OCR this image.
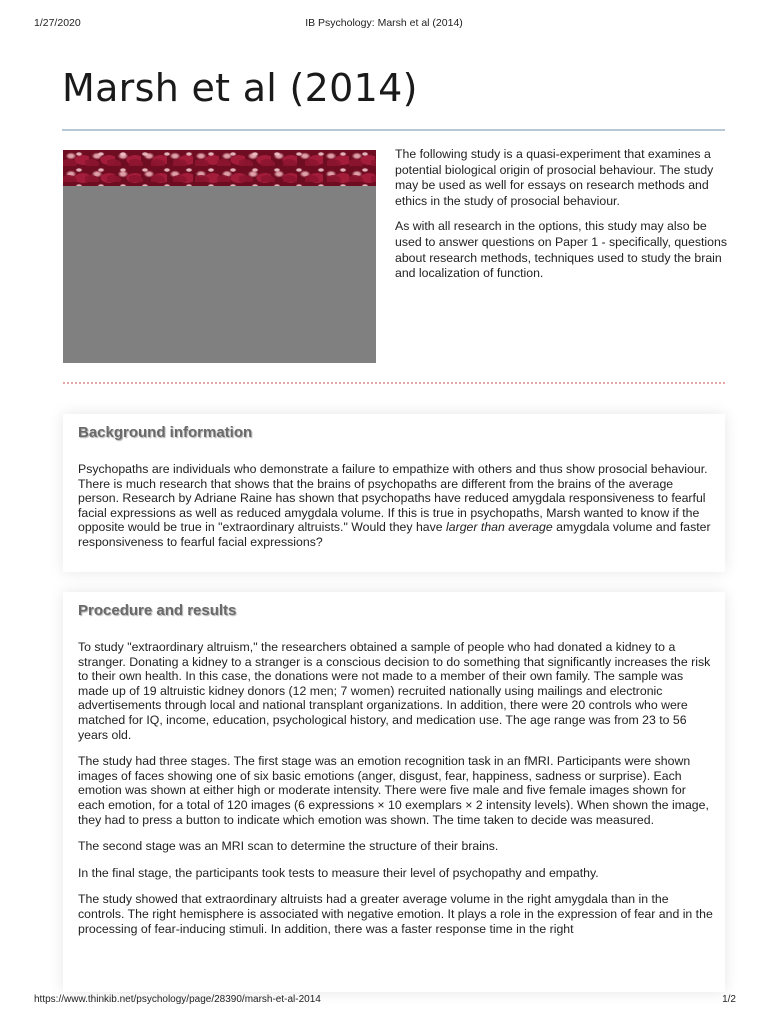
1/27/2020	IB Psychology: Marsh et al (2014)
Marsh et al (2014)

The following study is a quasi-experiment that examines a potential biological origin of prosocial behaviour. The study may be used as well for essays on research methods and ethics in the study of prosocial behaviour.

As with all research in the options, this study may also be used to answer questions on Paper 1 - specifically, questions about research methods, techniques used to study the brain and localization of function.

Background information

Psychopaths are individuals who demonstrate a failure to empathize with others and thus show prosocial behaviour. There is much research that shows that the brains of psychopaths are different from the brains of the average person. Research by Adriane Raine has shown that psychopaths have reduced amygdala responsiveness to fearful facial expressions as well as reduced amygdala volume. If this is true in psychopaths, Marsh wanted to know if the opposite would be true in "extraordinary altruists." Would they have larger than average amygdala volume and faster responsiveness to fearful facial expressions?

Procedure and results

To study "extraordinary altruism," the researchers obtained a sample of people who had donated a kidney to a stranger. Donating a kidney to a stranger is a conscious decision to do something that significantly increases the risk to their own health. In this case, the donations were not made to a member of their own family. The sample was made up of 19 altruistic kidney donors (12 men; 7 women) recruited nationally using mailings and electronic advertisements through local and national transplant organizations. In addition, there were 20 controls who were matched for IQ, income, education, psychological history, and medication use. The age range was from 23 to 56 years old.

The study had three stages. The first stage was an emotion recognition task in an fMRI. Participants were shown images of faces showing one of six basic emotions (anger, disgust, fear, happiness, sadness or surprise). Each emotion was shown at either high or moderate intensity. There were five male and five female images shown for each emotion, for a total of 120 images (6 expressions × 10 exemplars × 2 intensity levels). When shown the image, they had to press a button to indicate which emotion was shown. The time taken to decide was measured.

The second stage was an MRI scan to determine the structure of their brains.

In the final stage, the participants took tests to measure their level of psychopathy and empathy.

The study showed that extraordinary altruists had a greater average volume in the right amygdala than in the controls. The right hemisphere is associated with negative emotion. It plays a role in the expression of fear and in the processing of fear-inducing stimuli. In addition, there was a faster response time in the right

https://www.thinkib.net/psychology/page/28390/marsh-et-al-2014	1/2
